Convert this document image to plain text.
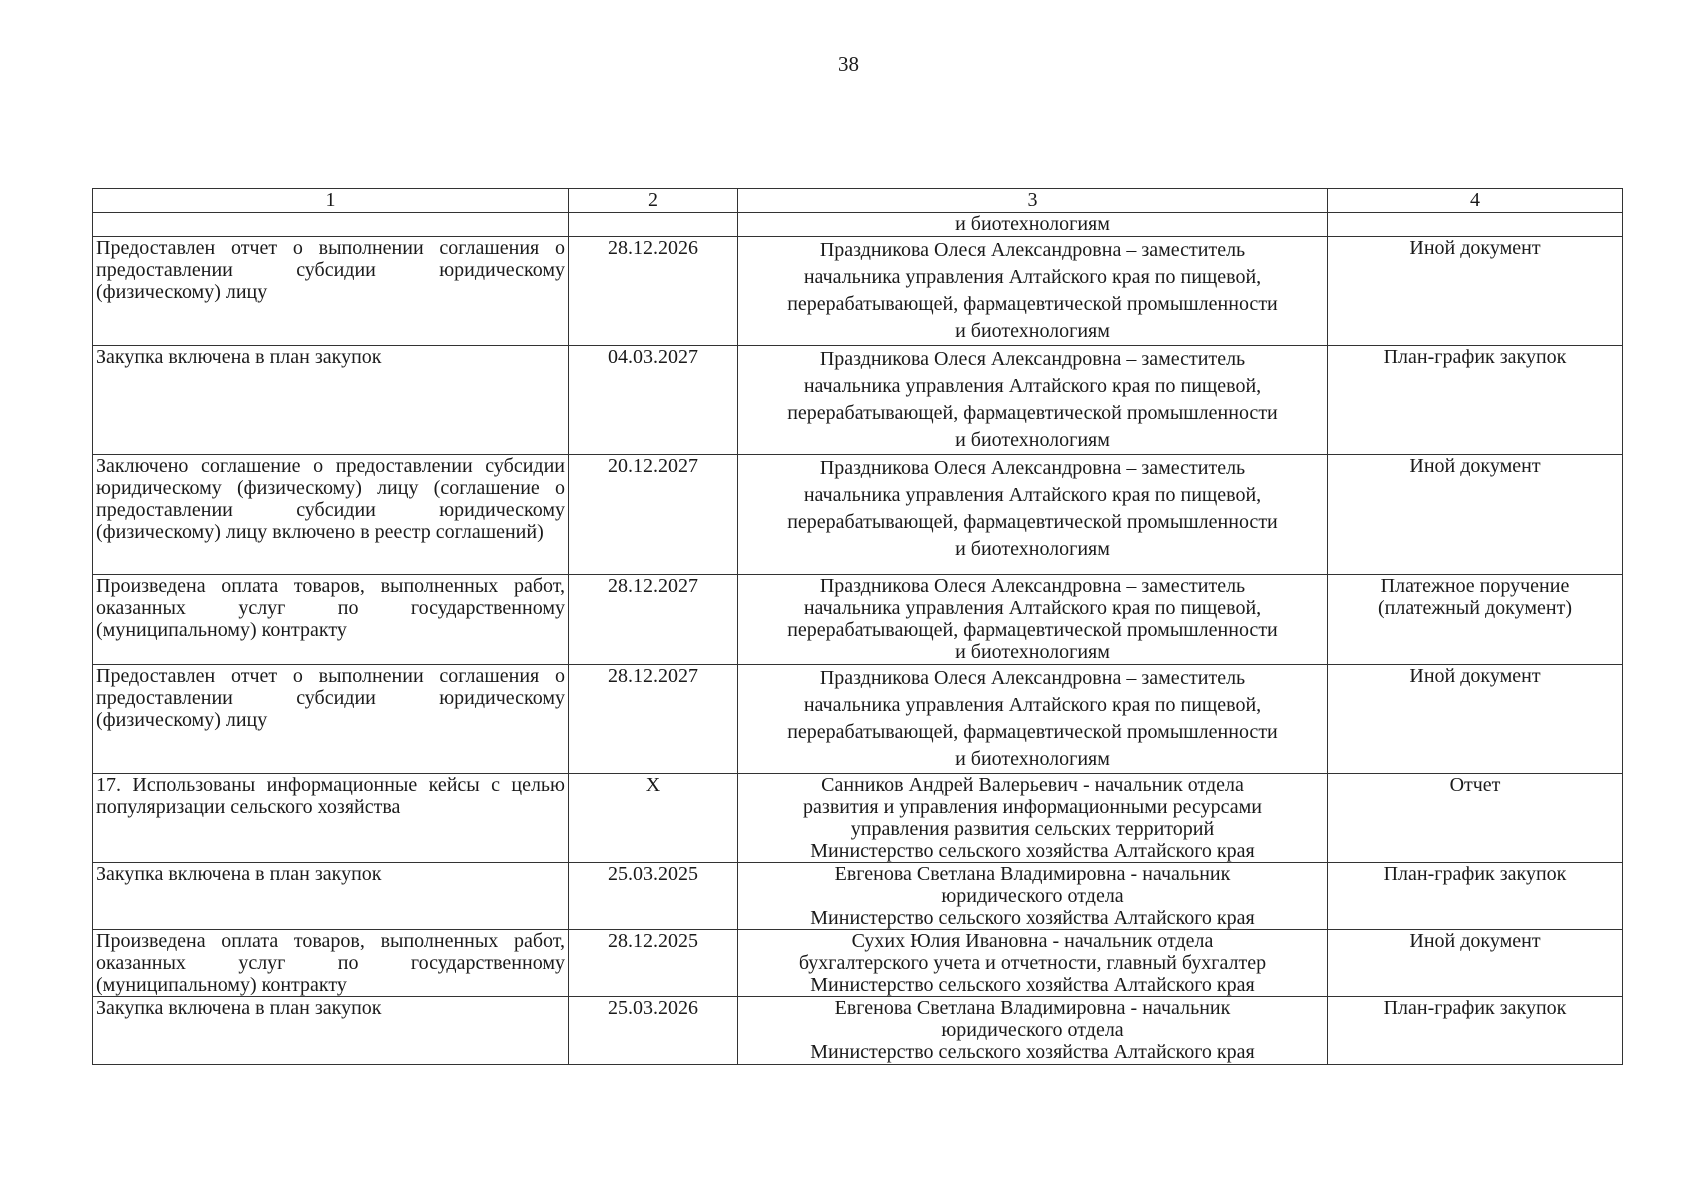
38
1	2	3	4
		и биотехнологиям	
Предоставлен отчет о выполнении соглашения о предоставлении субсидии юридическому (физическому) лицу	28.12.2026	Праздникова Олеся Александровна – заместитель
начальника управления Алтайского края по пищевой,
перерабатывающей, фармацевтической промышленности
и биотехнологиям	Иной документ
Закупка включена в план закупок	04.03.2027	Праздникова Олеся Александровна – заместитель
начальника управления Алтайского края по пищевой,
перерабатывающей, фармацевтической промышленности
и биотехнологиям	План-график закупок
Заключено соглашение о предоставлении субсидии юридическому (физическому) лицу (соглашение о предоставлении субсидии юридическому (физическому) лицу включено в реестр соглашений)	20.12.2027	Праздникова Олеся Александровна – заместитель
начальника управления Алтайского края по пищевой,
перерабатывающей, фармацевтической промышленности
и биотехнологиям	Иной документ
Произведена оплата товаров, выполненных работ, оказанных услуг по государственному (муниципальному) контракту	28.12.2027	Праздникова Олеся Александровна – заместитель
начальника управления Алтайского края по пищевой,
перерабатывающей, фармацевтической промышленности
и биотехнологиям	Платежное поручение (платежный документ)
Предоставлен отчет о выполнении соглашения о предоставлении субсидии юридическому (физическому) лицу	28.12.2027	Праздникова Олеся Александровна – заместитель
начальника управления Алтайского края по пищевой,
перерабатывающей, фармацевтической промышленности
и биотехнологиям	Иной документ
17. Использованы информационные кейсы с целью популяризации сельского хозяйства	X	Санников Андрей Валерьевич - начальник отдела
развития и управления информационными ресурсами
управления развития сельских территорий
Министерство сельского хозяйства Алтайского края	Отчет
Закупка включена в план закупок	25.03.2025	Евгенова Светлана Владимировна - начальник
юридического отдела
Министерство сельского хозяйства Алтайского края	План-график закупок
Произведена оплата товаров, выполненных работ, оказанных услуг по государственному (муниципальному) контракту	28.12.2025	Сухих Юлия Ивановна - начальник отдела
бухгалтерского учета и отчетности, главный бухгалтер
Министерство сельского хозяйства Алтайского края	Иной документ
Закупка включена в план закупок	25.03.2026	Евгенова Светлана Владимировна - начальник
юридического отдела
Министерство сельского хозяйства Алтайского края	План-график закупок
